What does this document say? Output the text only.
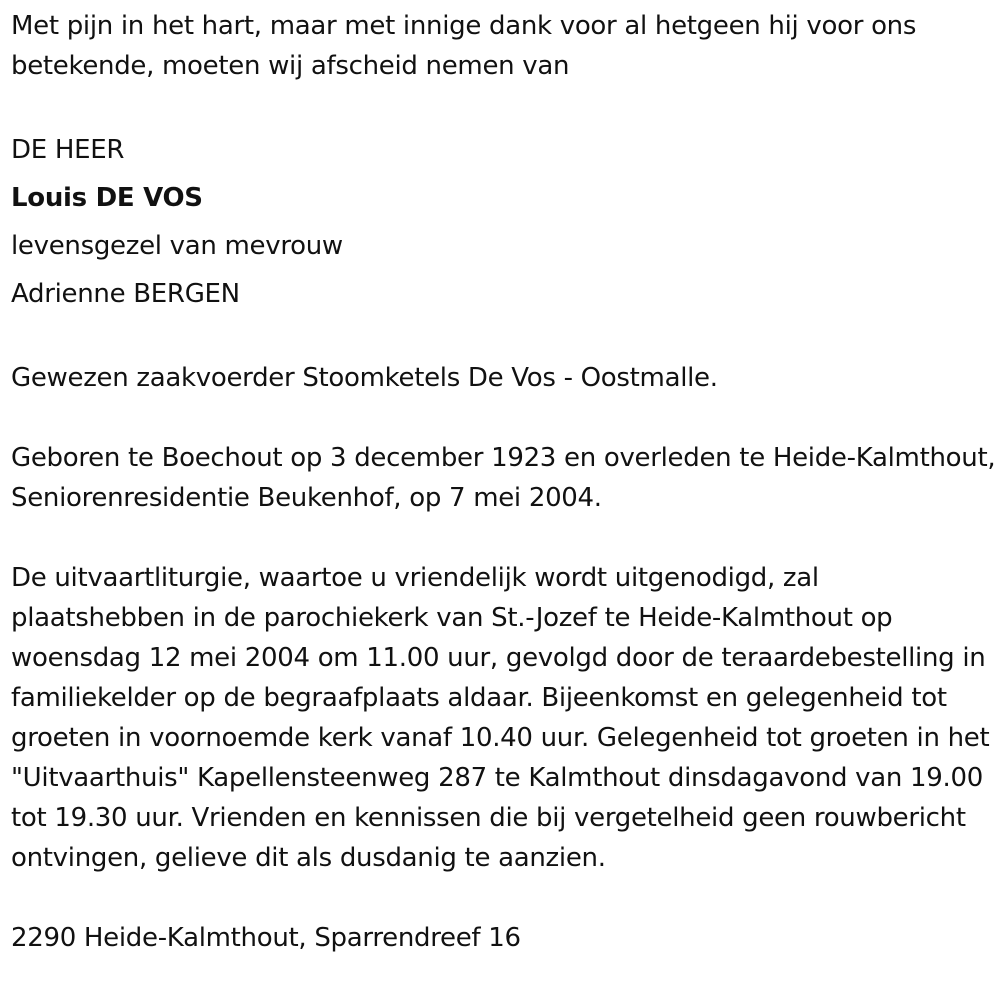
Met pijn in het hart, maar met innige dank voor al hetgeen hij voor ons betekende, moeten wij afscheid nemen van

DE HEER

Louis DE VOS

levensgezel van mevrouw

Adrienne BERGEN

Gewezen zaakvoerder Stoomketels De Vos - Oostmalle.

Geboren te Boechout op 3 december 1923 en overleden te Heide-Kalmthout, Seniorenresidentie Beukenhof, op 7 mei 2004.

De uitvaartliturgie, waartoe u vriendelijk wordt uitgenodigd, zal plaatshebben in de parochiekerk van St.-Jozef te Heide-Kalmthout op woensdag 12 mei 2004 om 11.00 uur, gevolgd door de teraardebestelling in familiekelder op de begraafplaats aldaar. Bijeenkomst en gelegenheid tot groeten in voornoemde kerk vanaf 10.40 uur. Gelegenheid tot groeten in het "Uitvaarthuis" Kapellensteenweg 287 te Kalmthout dinsdagavond van 19.00 tot 19.30 uur. Vrienden en kennissen die bij vergetelheid geen rouwbericht ontvingen, gelieve dit als dusdanig te aanzien.

2290 Heide-Kalmthout, Sparrendreef 16
